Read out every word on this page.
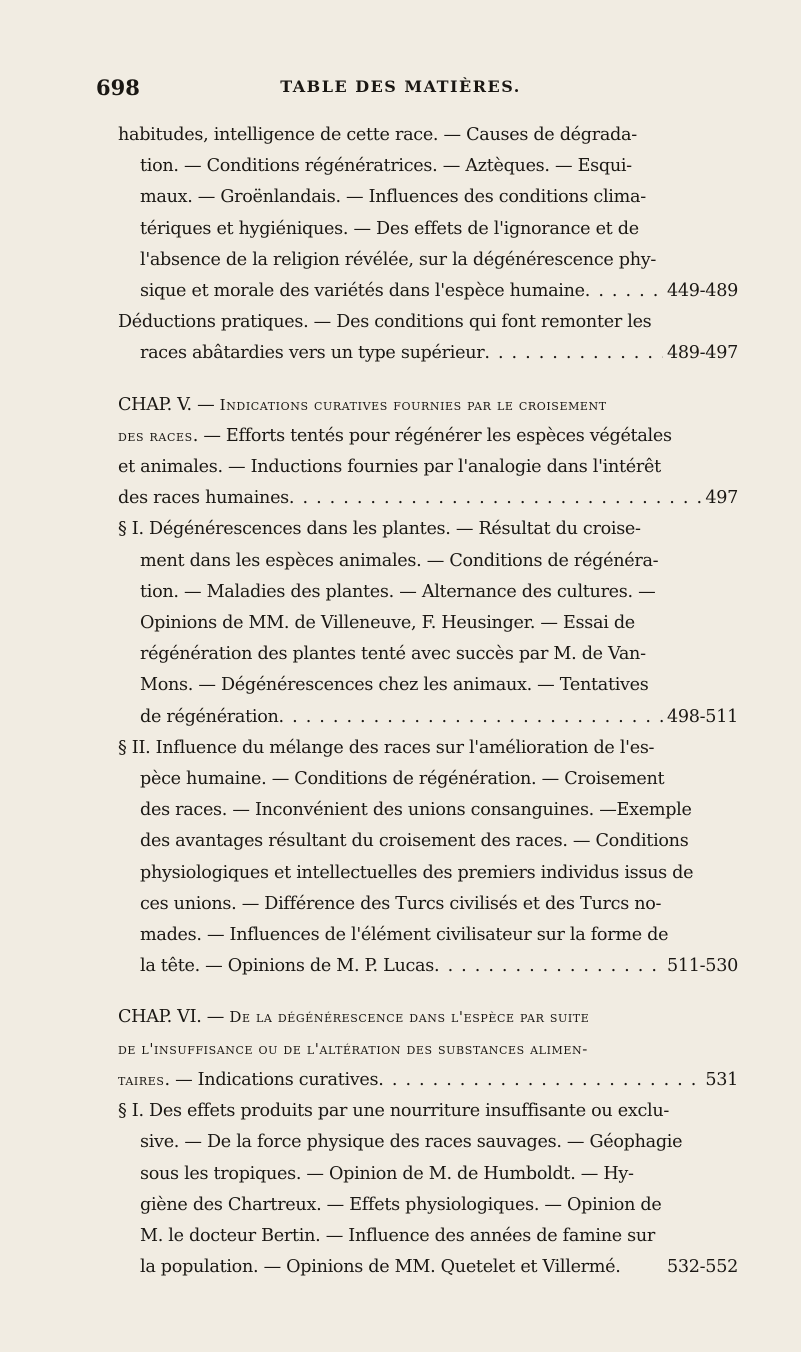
698	TABLE DES MATIÈRES.
habitudes, intelligence de cette race. — Causes de dégrada-
tion. — Conditions régénératrices. — Aztèques. — Esqui-
maux. — Groënlandais. — Influences des conditions clima-
tériques et hygiéniques. — Des effets de l'ignorance et de
l'absence de la religion révélée, sur la dégénérescence phy-
sique et morale des variétés dans l'espèce humaine . . .	449-489
Déductions pratiques. — Des conditions qui font remonter les
races abâtardies vers un type supérieur . . .	489-497
CHAP. V. — Indications curatives fournies par le croisement
des races . — Efforts tentés pour régénérer les espèces végétales
et animales. — Inductions fournies par l'analogie dans l'intérêt
des races humaines . . .	497
§ I. Dégénérescences dans les plantes. — Résultat du croise-
ment dans les espèces animales. — Conditions de régénéra-
tion. — Maladies des plantes. — Alternance des cultures. —
Opinions de MM. de Villeneuve, F. Heusinger. — Essai de
régénération des plantes tenté avec succès par M. de Van-
Mons. — Dégénérescences chez les animaux. — Tentatives
de régénération . . .	498-511
§ II. Influence du mélange des races sur l'amélioration de l'es-
pèce humaine. — Conditions de régénération. — Croisement
des races. — Inconvénient des unions consanguines. —Exemple
des avantages résultant du croisement des races. — Conditions
physiologiques et intellectuelles des premiers individus issus de
ces unions. — Différence des Turcs civilisés et des Turcs no-
mades. — Influences de l'élément civilisateur sur la forme de
la tête. — Opinions de M. P. Lucas . . .	511-530
CHAP. VI. — De la dégénérescence dans l'espèce par suite
de l'insuffisance ou de l'altération des substances alimen-
taires. — Indications curatives . . .	531
§ I. Des effets produits par une nourriture insuffisante ou exclu-
sive. — De la force physique des races sauvages. — Géophagie
sous les tropiques. — Opinion de M. de Humboldt. — Hy-
giène des Chartreux. — Effets physiologiques. — Opinion de
M. le docteur Bertin. — Influence des années de famine sur
la population. — Opinions de MM. Quetelet et Villermé.	532-552
